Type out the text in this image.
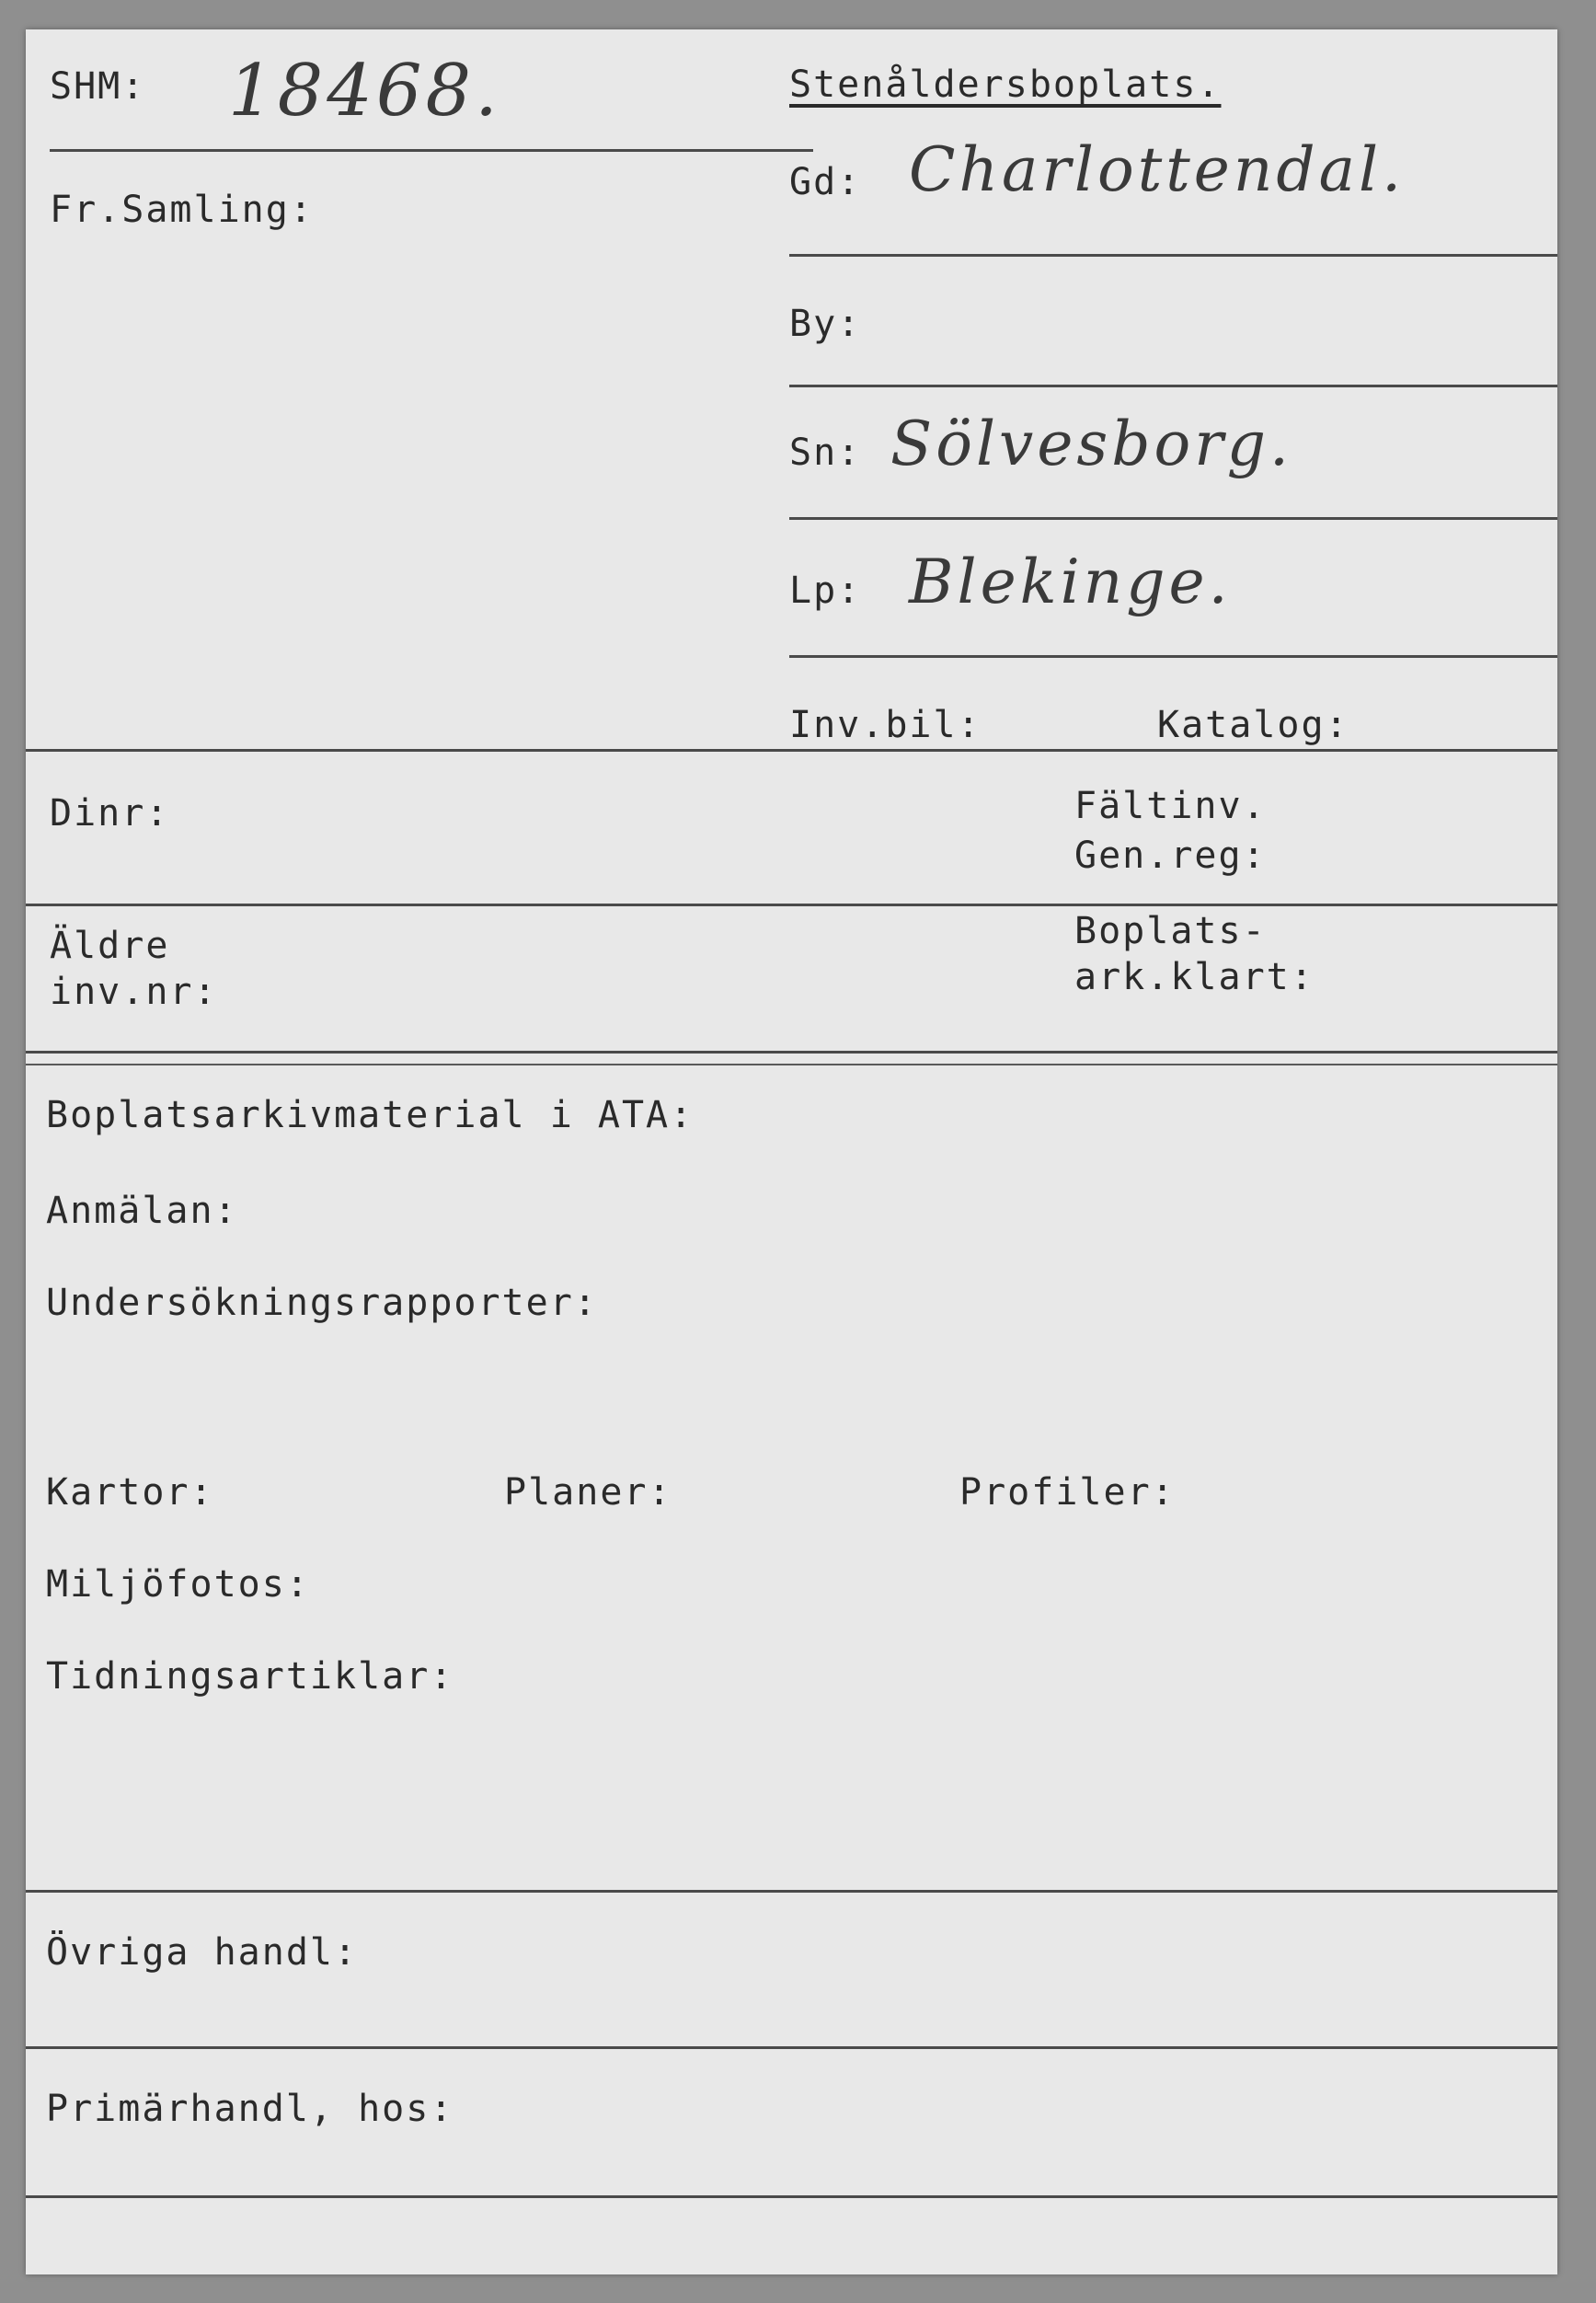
SHM: 18468.
Fr.Samling:
Stenåldersboplats.
Gd: Charlottendal.
By:
Sn: Sölvesborg.
Lp: Blekinge.
Inv.bil:	Katalog:
Dinr:	Fältinv.
Gen.reg:
Äldre
inv.nr:
Boplats-
ark.klart:
Boplatsarkivmaterial i ATA:
Anmälan:
Undersökningsrapporter:
Kartor:	Planer:	Profiler:
Miljöfotos:
Tidningsartiklar:
Övriga handl:
Primärhandl, hos:
